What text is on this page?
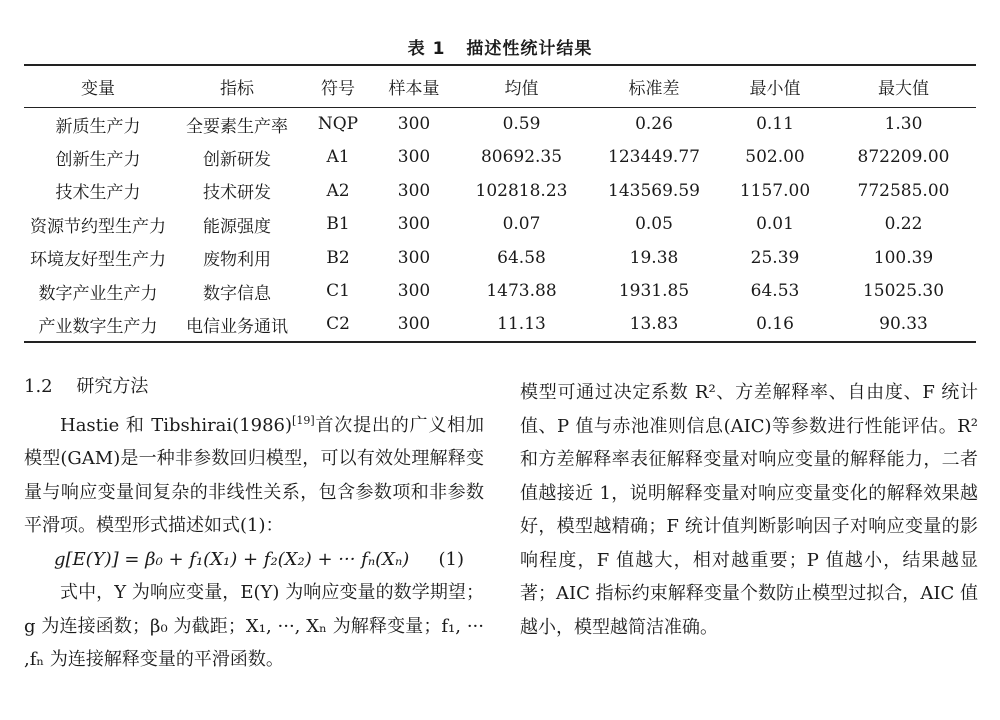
表 1 描述性统计结果
变量	指标	符号	样本量	均值	标准差	最小值	最大值
新质生产力	全要素生产率	NQP	300	0.59	0.26	0.11	1.30
创新生产力	创新研发	A1	300	80692.35	123449.77	502.00	872209.00
技术生产力	技术研发	A2	300	102818.23	143569.59	1157.00	772585.00
资源节约型生产力	能源强度	B1	300	0.07	0.05	0.01	0.22
环境友好型生产力	废物利用	B2	300	64.58	19.38	25.39	100.39
数字产业生产力	数字信息	C1	300	1473.88	1931.85	64.53	15025.30
产业数字生产力	电信业务通讯	C2	300	11.13	13.83	0.16	90.33
1.2 研究方法

Hastie 和 Tibshirai(1986)[19]首次提出的广义相加模型(GAM)是一种非参数回归模型，可以有效处理解释变量与响应变量间复杂的非线性关系，包含参数项和非参数平滑项。模型形式描述如式(1)：

g[E(Y)] = β₀ + f₁(X₁) + f₂(X₂) + ··· fₙ(Xₙ) (1)

式中，Y 为响应变量，E(Y) 为响应变量的数学期望；g 为连接函数；β₀ 为截距；X₁, ···, Xₙ 为解释变量；f₁, ··· ,fₙ 为连接解释变量的平滑函数。

模型可通过决定系数 R²、方差解释率、自由度、F 统计值、P 值与赤池准则信息(AIC)等参数进行性能评估。R² 和方差解释率表征解释变量对响应变量的解释能力，二者值越接近 1，说明解释变量对响应变量变化的解释效果越好，模型越精确；F 统计值判断影响因子对响应变量的影响程度，F 值越大，相对越重要；P 值越小，结果越显著；AIC 指标约束解释变量个数防止模型过拟合，AIC 值越小，模型越简洁准确。
